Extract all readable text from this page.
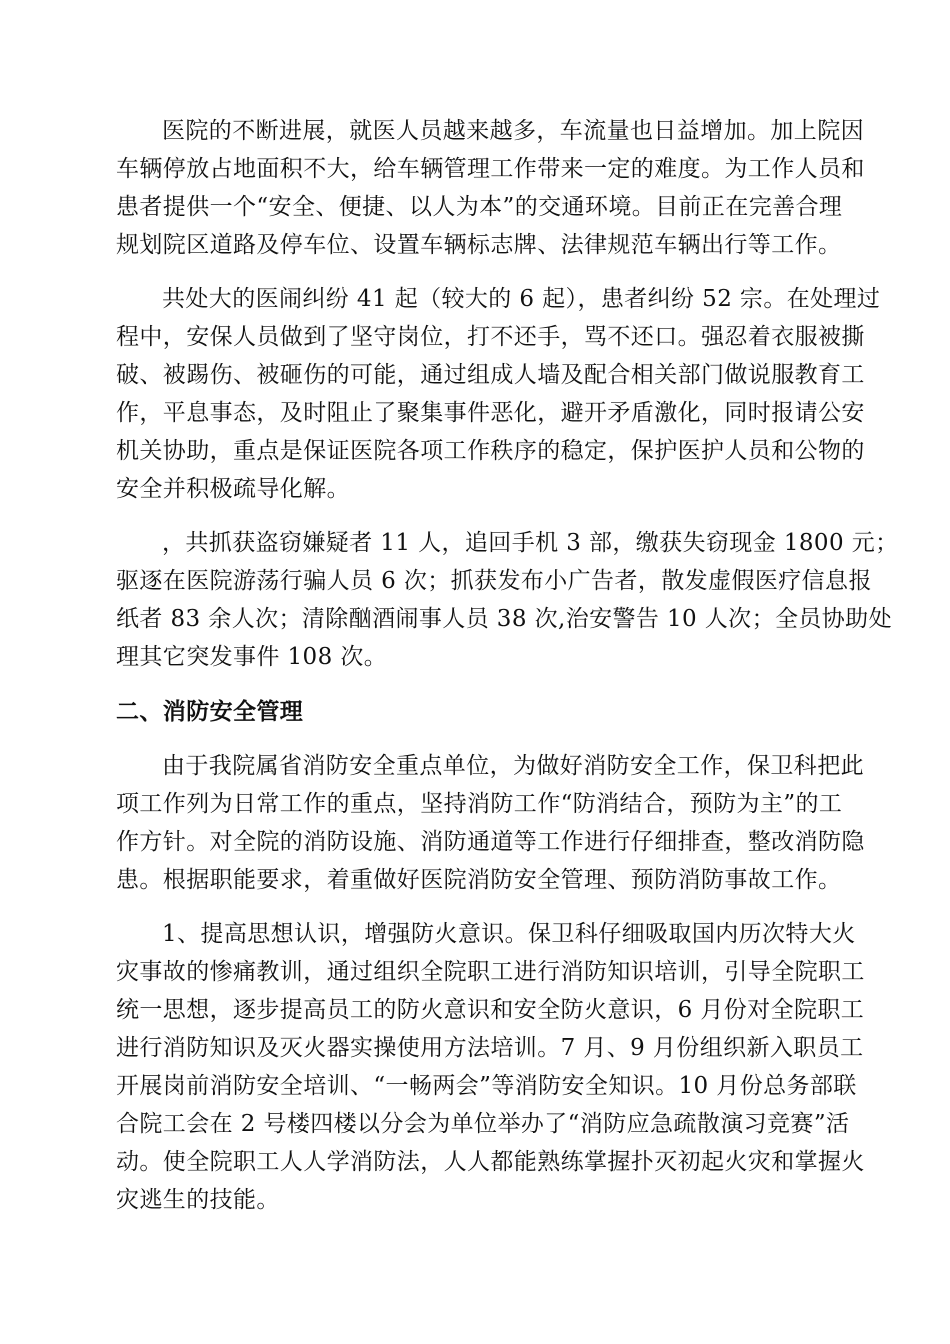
医院的不断进展，就医人员越来越多，车流量也日益增加。加上院因
车辆停放占地面积不大，给车辆管理工作带来一定的难度。为工作人员和
患者提供一个“安全、便捷、以人为本”的交通环境。目前正在完善合理
规划院区道路及停车位、设置车辆标志牌、法律规范车辆出行等工作。
共处大的医闹纠纷 41 起（较大的 6 起），患者纠纷 52 宗。在处理过
程中，安保人员做到了坚守岗位，打不还手，骂不还口。强忍着衣服被撕
破、被踢伤、被砸伤的可能，通过组成人墙及配合相关部门做说服教育工
作，平息事态，及时阻止了聚集事件恶化，避开矛盾激化，同时报请公安
机关协助，重点是保证医院各项工作秩序的稳定，保护医护人员和公物的
安全并积极疏导化解。
，共抓获盗窃嫌疑者 11 人，追回手机 3 部，缴获失窃现金 1800 元；
驱逐在医院游荡行骗人员 6 次；抓获发布小广告者，散发虚假医疗信息报
纸者 83 余人次；清除酗酒闹事人员 38 次,治安警告 10 人次；全员协助处
理其它突发事件 108 次。
二、消防安全管理
由于我院属省消防安全重点单位，为做好消防安全工作，保卫科把此
项工作列为日常工作的重点，坚持消防工作“防消结合，预防为主”的工
作方针。对全院的消防设施、消防通道等工作进行仔细排查，整改消防隐
患。根据职能要求，着重做好医院消防安全管理、预防消防事故工作。
1、提高思想认识，增强防火意识。保卫科仔细吸取国内历次特大火
灾事故的惨痛教训，通过组织全院职工进行消防知识培训，引导全院职工
统一思想，逐步提高员工的防火意识和安全防火意识，6 月份对全院职工
进行消防知识及灭火器实操使用方法培训。7 月、9 月份组织新入职员工
开展岗前消防安全培训、“一畅两会”等消防安全知识。10 月份总务部联
合院工会在 2 号楼四楼以分会为单位举办了“消防应急疏散演习竞赛”活
动。使全院职工人人学消防法，人人都能熟练掌握扑灭初起火灾和掌握火
灾逃生的技能。
